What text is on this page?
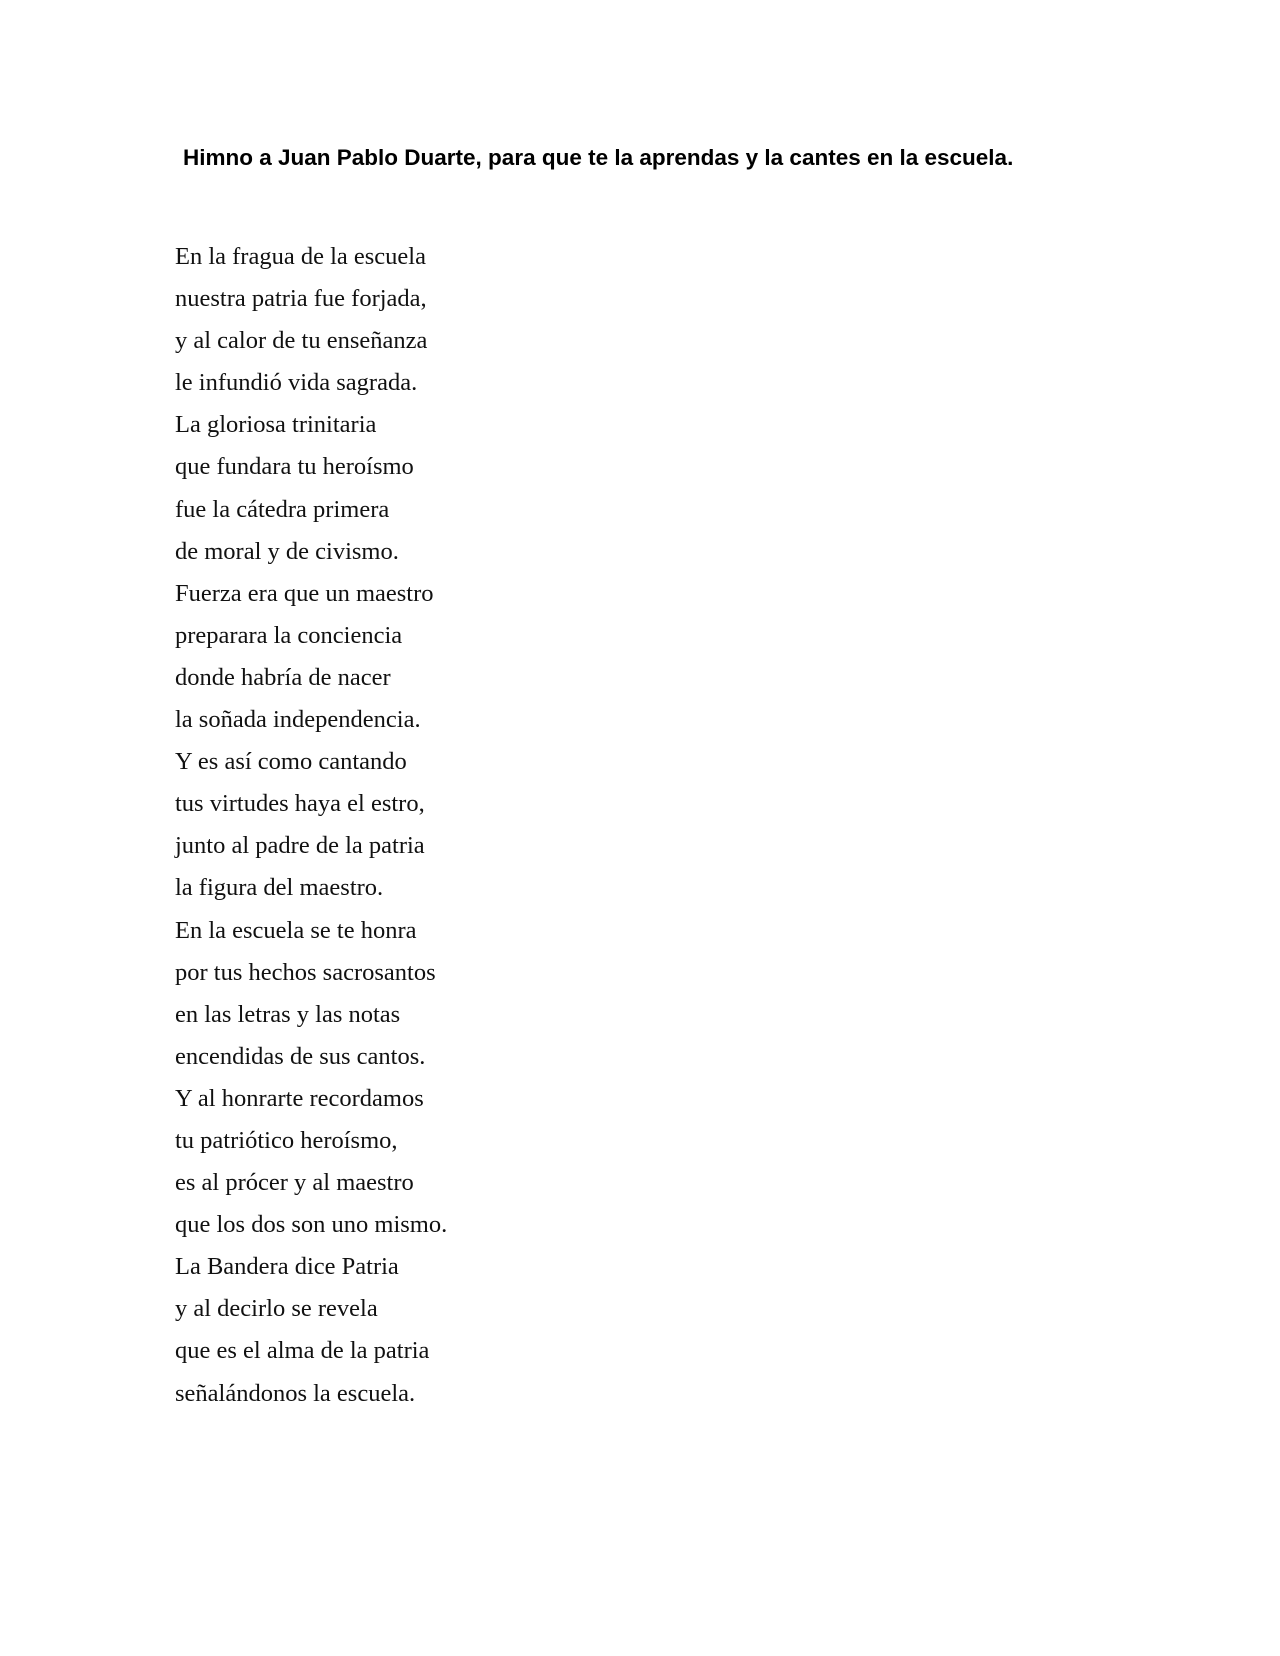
Himno a Juan Pablo Duarte, para que te la aprendas y la cantes en la escuela.
En la fragua de la escuela
nuestra patria fue forjada,
y al calor de tu enseñanza
le infundió vida sagrada.
La gloriosa trinitaria
que fundara tu heroísmo
fue la cátedra primera
de moral y de civismo.
Fuerza era que un maestro
preparara la conciencia
donde habría de nacer
la soñada independencia.
Y es así como cantando
tus virtudes haya el estro,
junto al padre de la patria
la figura del maestro.
En la escuela se te honra
por tus hechos sacrosantos
en las letras y las notas
encendidas de sus cantos.
Y al honrarte recordamos
tu patriótico heroísmo,
es al prócer y al maestro
que los dos son uno mismo.
La Bandera dice Patria
y al decirlo se revela
que es el alma de la patria
señalándonos la escuela.
